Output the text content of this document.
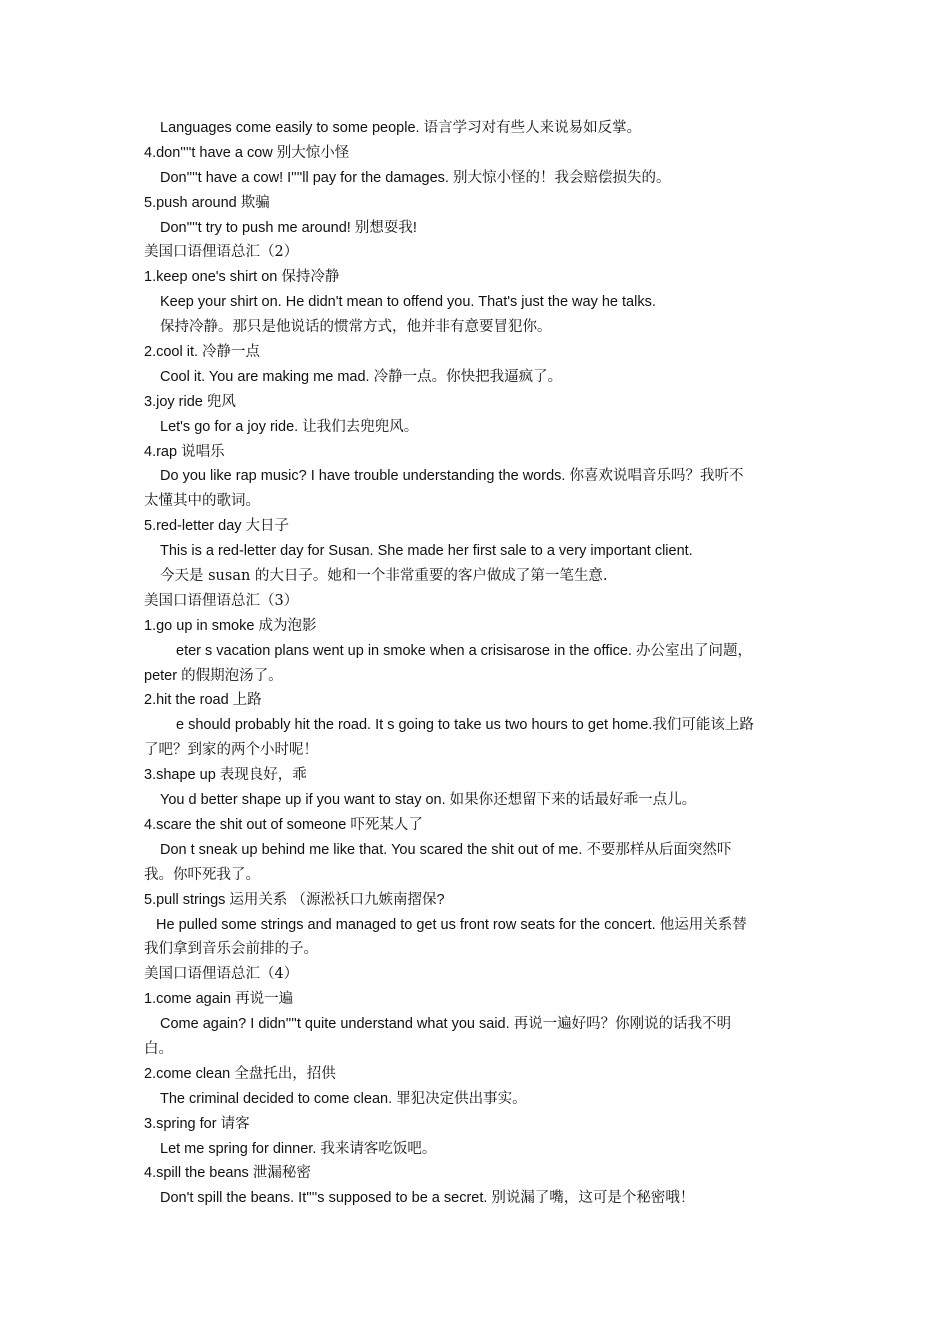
Languages come easily to some people. 语言学习对有些人来说易如反掌。
4.don''''t have a cow 别大惊小怪
Don''''t have a cow! I''''ll pay for the damages. 别大惊小怪的！我会赔偿损失的。
5.push around 欺骗
Don''''t try to push me around! 别想耍我!
美国口语俚语总汇（2）
1.keep one's shirt on 保持冷静
Keep your shirt on. He didn't mean to offend you. That's just the way he talks.
保持冷静。那只是他说话的惯常方式，他并非有意要冒犯你。
2.cool it. 冷静一点
Cool it. You are making me mad. 冷静一点。你快把我逼疯了。
3.joy ride 兜风
Let's go for a joy ride. 让我们去兜兜风。
4.rap 说唱乐
Do you like rap music? I have trouble understanding the words. 你喜欢说唱音乐吗？我听不
太懂其中的歌词。
5.red-letter day 大日子
This is a red-letter day for Susan. She made her first sale to a very important client.
今天是 susan 的大日子。她和一个非常重要的客户做成了第一笔生意.
美国口语俚语总汇（3）
1.go up in smoke 成为泡影
eter s vacation plans went up in smoke when a crisisarose in the office. 办公室出了问题，
peter 的假期泡汤了。
2.hit the road 上路
e should probably hit the road. It s going to take us two hours to get home.我们可能该上路
了吧？到家的两个小时呢！
3.shape up 表现良好，乖
You d better shape up if you want to stay on. 如果你还想留下来的话最好乖一点儿。
4.scare the shit out of someone 吓死某人了
Don t sneak up behind me like that. You scared the shit out of me. 不要那样从后面突然吓
我。你吓死我了。
5.pull strings 运用关系 （源淞袄口九嫉南摺保?
He pulled some strings and managed to get us front row seats for the concert. 他运用关系替
我们拿到音乐会前排的子。
美国口语俚语总汇（4）
1.come again 再说一遍
Come again? I didn''''t quite understand what you said. 再说一遍好吗？你刚说的话我不明
白。
2.come clean 全盘托出，招供
The criminal decided to come clean. 罪犯决定供出事实。
3.spring for 请客
Let me spring for dinner. 我来请客吃饭吧。
4.spill the beans 泄漏秘密
Don't spill the beans. It''''s supposed to be a secret. 别说漏了嘴，这可是个秘密哦！
